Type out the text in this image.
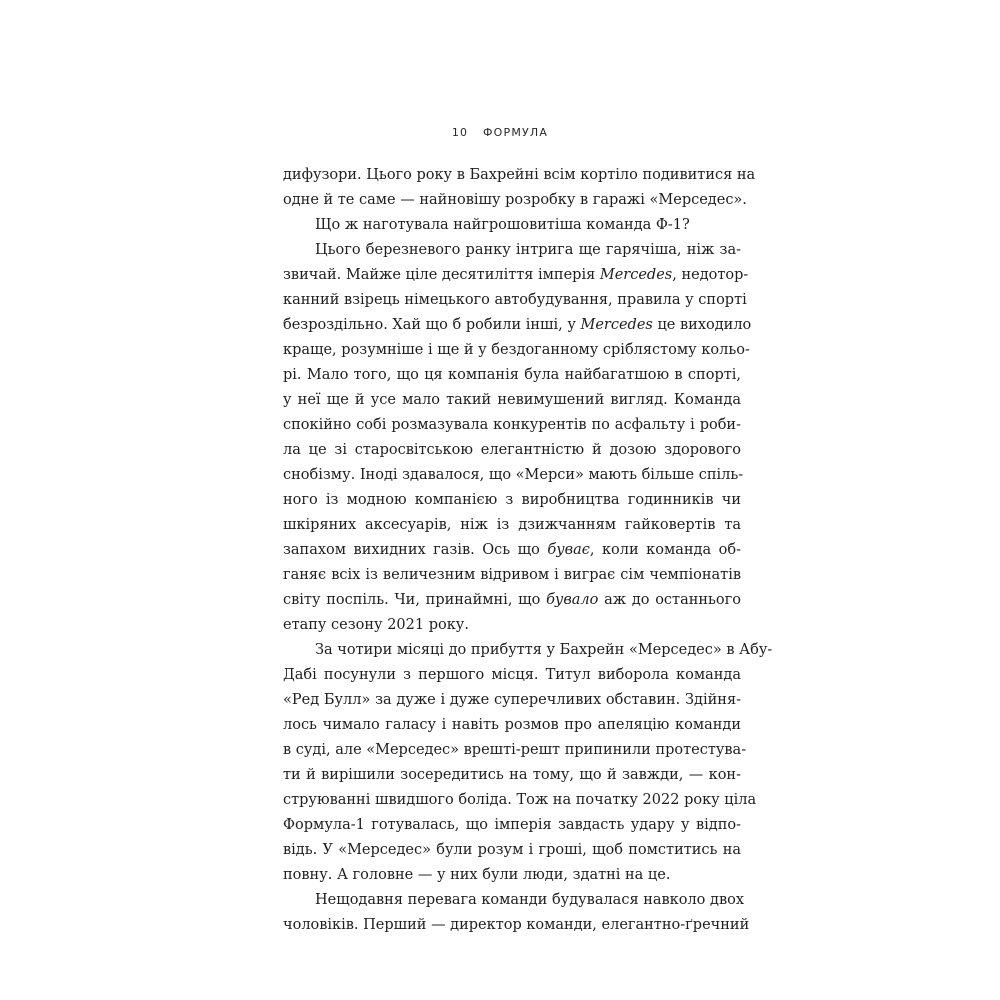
10 ФОРМУЛА
дифузори. Цього року в Бахрейні всім кортіло подивитися на
одне й те саме — найновішу розробку в гаражі «Мерседес».
Що ж наготувала найгрошовитіша команда Ф-1?
Цього березневого ранку інтрига ще гарячіша, ніж за-
звичай. Майже ціле десятиліття імперія Mercedes, недотор-
канний взірець німецького автобудування, правила у спорті
безроздільно. Хай що б робили інші, у Mercedes це виходило
краще, розумніше і ще й у бездоганному сріблястому кольо-
рі. Мало того, що ця компанія була найбагатшою в спорті,
у неї ще й усе мало такий невимушений вигляд. Команда
спокійно собі розмазувала конкурентів по асфальту і роби-
ла це зі старосвітською елегантністю й дозою здорового
снобізму. Іноді здавалося, що «Мерси» мають більше спіль-
ного із модною компанією з виробництва годинників чи
шкіряних аксесуарів, ніж із дзижчанням гайковертів та
запахом вихидних газів. Ось що буває, коли команда об-
ганяє всіх із величезним відривом і виграє сім чемпіонатів
світу поспіль. Чи, принаймні, що бувало аж до останнього
етапу сезону 2021 року.
За чотири місяці до прибуття у Бахрейн «Мерседес» в Абу-
Дабі посунули з першого місця. Титул виборола команда
«Ред Булл» за дуже і дуже суперечливих обставин. Здійня-
лось чимало галасу і навіть розмов про апеляцію команди
в суді, але «Мерседес» врешті-решт припинили протестува-
ти й вирішили зосередитись на тому, що й завжди, — кон-
струюванні швидшого боліда. Тож на початку 2022 року ціла
Формула-1 готувалась, що імперія завдасть удару у відпо-
відь. У «Мерседес» були розум і гроші, щоб помститись на
повну. А головне — у них були люди, здатні на це.
Нещодавня перевага команди будувалася навколо двох
чоловіків. Перший — директор команди, елегантно-ґречний
